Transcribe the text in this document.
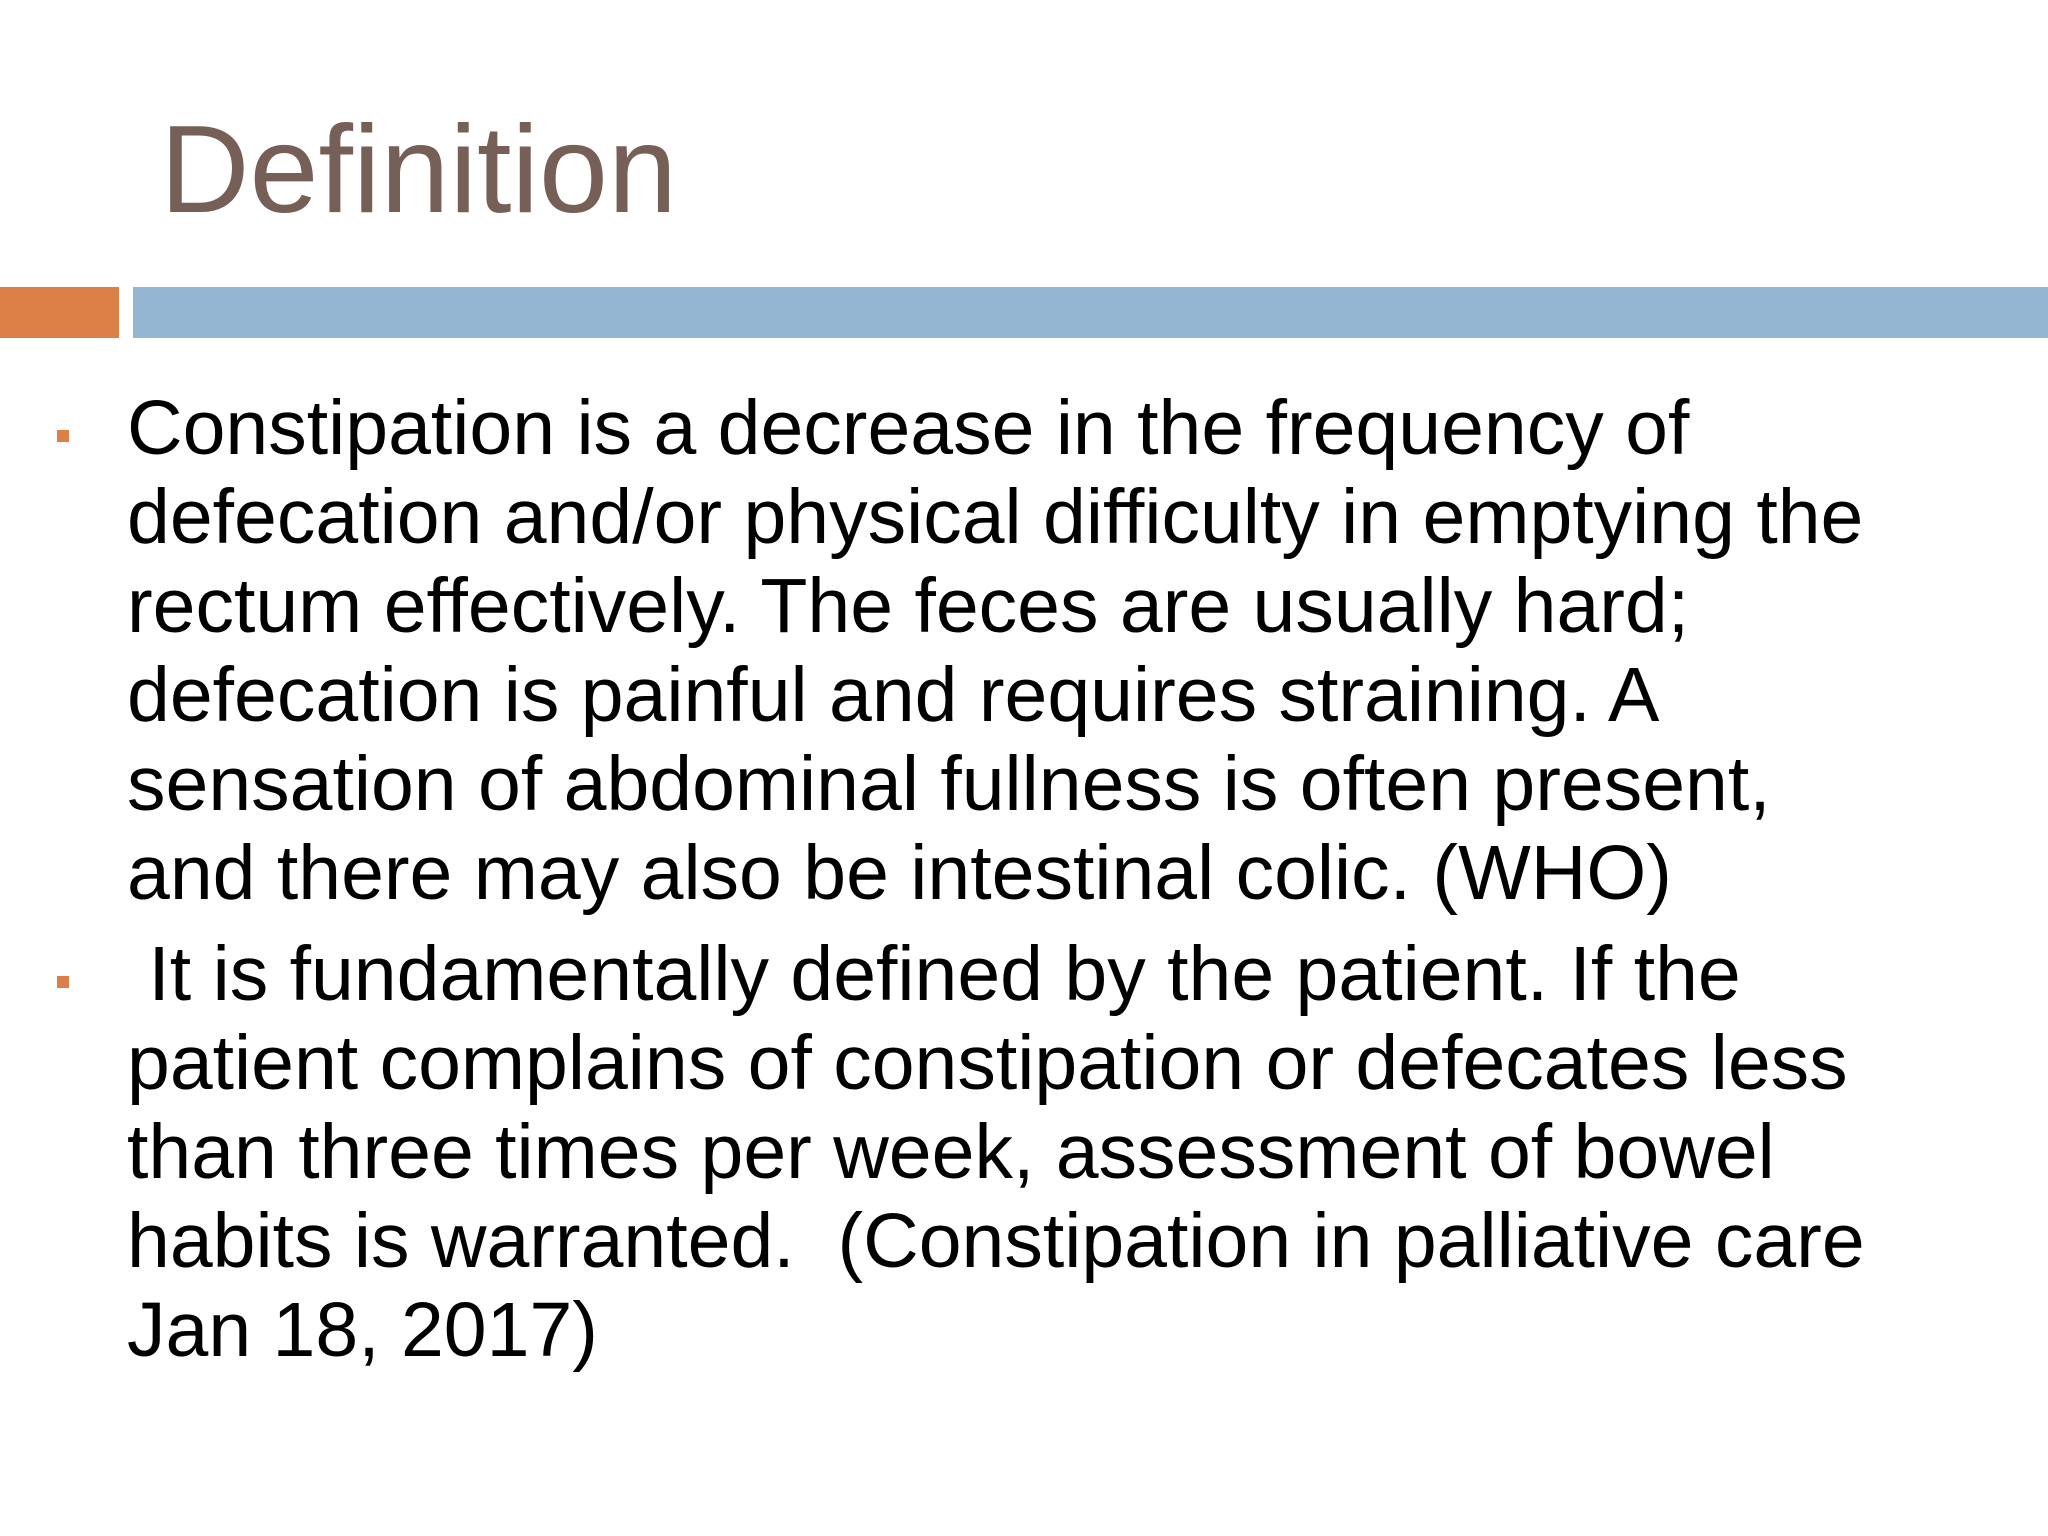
Definition
Constipation is a decrease in the frequency of
defecation and/or physical difficulty in emptying the
rectum effectively. The feces are usually hard;
defecation is painful and requires straining. A
sensation of abdominal fullness is often present,
and there may also be intestinal colic. (WHO)
It is fundamentally defined by the patient. If the
patient complains of constipation or defecates less
than three times per week, assessment of bowel
habits is warranted.  (Constipation in palliative care
Jan 18, 2017)
